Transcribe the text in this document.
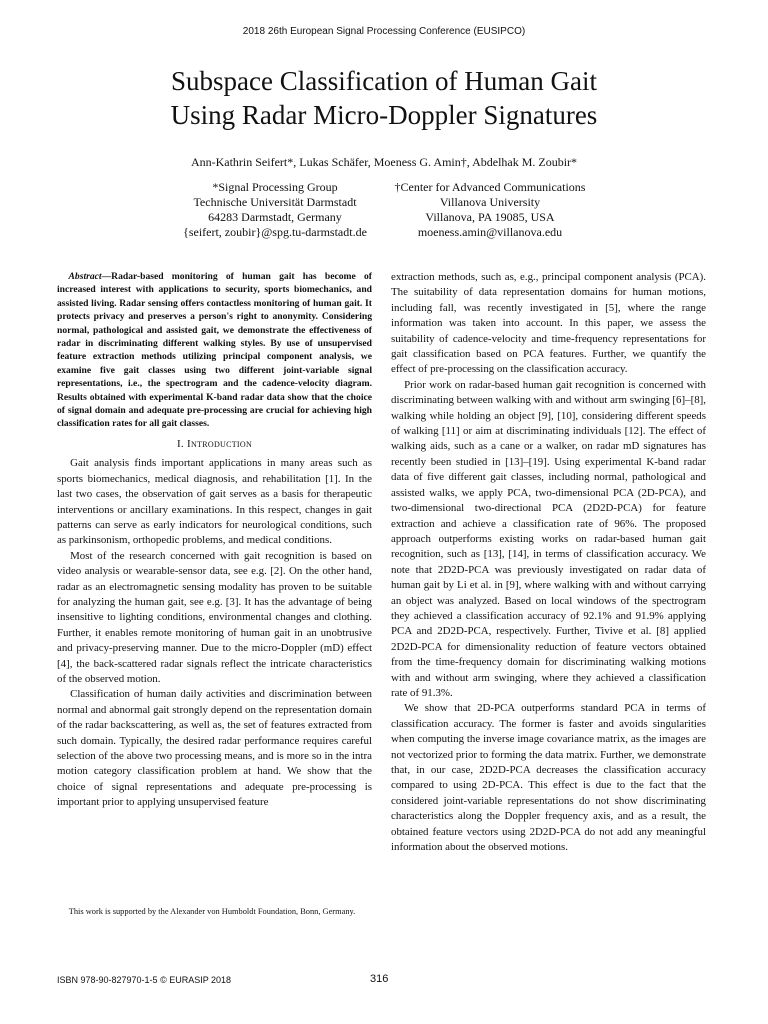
2018 26th European Signal Processing Conference (EUSIPCO)
Subspace Classification of Human Gait
Using Radar Micro-Doppler Signatures
Ann-Kathrin Seifert*, Lukas Schäfer, Moeness G. Amin†, Abdelhak M. Zoubir*
*Signal Processing Group
Technische Universität Darmstadt
64283 Darmstadt, Germany
{seifert, zoubir}@spg.tu-darmstadt.de
†Center for Advanced Communications
Villanova University
Villanova, PA 19085, USA
moeness.amin@villanova.edu

Abstract—Radar-based monitoring of human gait has become of increased interest with applications to security, sports biomechanics, and assisted living. Radar sensing offers contactless monitoring of human gait. It protects privacy and preserves a person's right to anonymity. Considering normal, pathological and assisted gait, we demonstrate the effectiveness of radar in discriminating different walking styles. By use of unsupervised feature extraction methods utilizing principal component analysis, we examine five gait classes using two different joint-variable signal representations, i.e., the spectrogram and the cadence-velocity diagram. Results obtained with experimental K-band radar data show that the choice of signal domain and adequate pre-processing are crucial for achieving high classification rates for all gait classes.

I. Introduction

Gait analysis finds important applications in many areas such as sports biomechanics, medical diagnosis, and rehabilitation [1]. In the last two cases, the observation of gait serves as a basis for therapeutic interventions or ancillary examinations. In this respect, changes in gait patterns can serve as early indicators for neurological conditions, such as parkinsonism, orthopedic problems, and medical conditions.

Most of the research concerned with gait recognition is based on video analysis or wearable-sensor data, see e.g. [2]. On the other hand, radar as an electromagnetic sensing modality has proven to be suitable for analyzing the human gait, see e.g. [3]. It has the advantage of being insensitive to lighting conditions, environmental changes and clothing. Further, it enables remote monitoring of human gait in an unobtrusive and privacy-preserving manner. Due to the micro-Doppler (mD) effect [4], the back-scattered radar signals reflect the intricate characteristics of the observed motion.

Classification of human daily activities and discrimination between normal and abnormal gait strongly depend on the representation domain of the radar backscattering, as well as, the set of features extracted from such domain. Typically, the desired radar performance requires careful selection of the above two processing means, and is more so in the intra motion category classification problem at hand. We show that the choice of signal representations and adequate pre-processing is important prior to applying unsupervised feature

This work is supported by the Alexander von Humboldt Foundation, Bonn, Germany.

extraction methods, such as, e.g., principal component analysis (PCA). The suitability of data representation domains for human motions, including fall, was recently investigated in [5], where the range information was taken into account. In this paper, we assess the suitability of cadence-velocity and time-frequency representations for gait classification based on PCA features. Further, we quantify the effect of pre-processing on the classification accuracy.

Prior work on radar-based human gait recognition is concerned with discriminating between walking with and without arm swinging [6]–[8], walking while holding an object [9], [10], considering different speeds of walking [11] or aim at discriminating individuals [12]. The effect of walking aids, such as a cane or a walker, on radar mD signatures has recently been studied in [13]–[19]. Using experimental K-band radar data of five different gait classes, including normal, pathological and assisted walks, we apply PCA, two-dimensional PCA (2D-PCA), and two-dimensional two-directional PCA (2D2D-PCA) for feature extraction and achieve a classification rate of 96%. The proposed approach outperforms existing works on radar-based human gait recognition, such as [13], [14], in terms of classification accuracy. We note that 2D2D-PCA was previously investigated on radar data of human gait by Li et al. in [9], where walking with and without carrying an object was analyzed. Based on local windows of the spectrogram they achieved a classification accuracy of 92.1% and 91.9% applying PCA and 2D2D-PCA, respectively. Further, Tivive et al. [8] applied 2D2D-PCA for dimensionality reduction of feature vectors obtained from the time-frequency domain for discriminating walking motions with and without arm swinging, where they achieved a classification rate of 91.3%.

We show that 2D-PCA outperforms standard PCA in terms of classification accuracy. The former is faster and avoids singularities when computing the inverse image covariance matrix, as the images are not vectorized prior to forming the data matrix. Further, we demonstrate that, in our case, 2D2D-PCA decreases the classification accuracy compared to using 2D-PCA. This effect is due to the fact that the considered joint-variable representations do not show discriminating characteristics along the Doppler frequency axis, and as a result, the obtained feature vectors using 2D2D-PCA do not add any meaningful information about the observed motions.

ISBN 978-90-827970-1-5 © EURASIP 2018	316
